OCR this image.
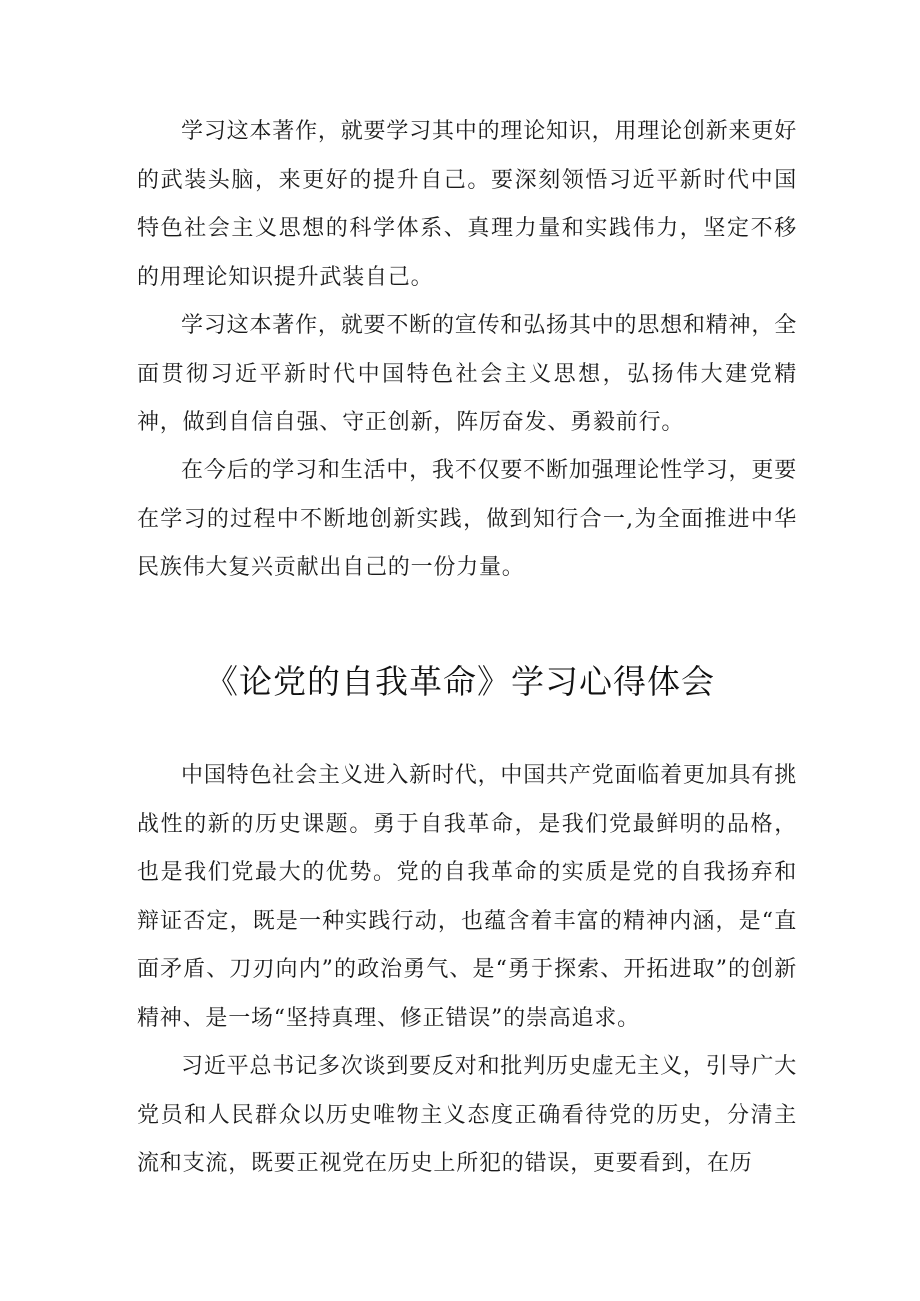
学习这本著作，就要学习其中的理论知识，用理论创新来更好的武装头脑，来更好的提升自己。要深刻领悟习近平新时代中国特色社会主义思想的科学体系、真理力量和实践伟力，坚定不移的用理论知识提升武装自己。

学习这本著作，就要不断的宣传和弘扬其中的思想和精神，全面贯彻习近平新时代中国特色社会主义思想，弘扬伟大建党精神，做到自信自强、守正创新，阵厉奋发、勇毅前行。

在今后的学习和生活中，我不仅要不断加强理论性学习，更要在学习的过程中不断地创新实践，做到知行合一,为全面推进中华民族伟大复兴贡献出自己的一份力量。

《论党的自我革命》学习心得体会

中国特色社会主义进入新时代，中国共产党面临着更加具有挑战性的新的历史课题。勇于自我革命，是我们党最鲜明的品格，也是我们党最大的优势。党的自我革命的实质是党的自我扬弃和辩证否定，既是一种实践行动，也蕴含着丰富的精神内涵，是“直面矛盾、刀刃向内”的政治勇气、是“勇于探索、开拓进取”的创新精神、是一场“坚持真理、修正错误”的崇高追求。

习近平总书记多次谈到要反对和批判历史虚无主义，引导广大党员和人民群众以历史唯物主义态度正确看待党的历史，分清主流和支流，既要正视党在历史上所犯的错误，更要看到，在历
